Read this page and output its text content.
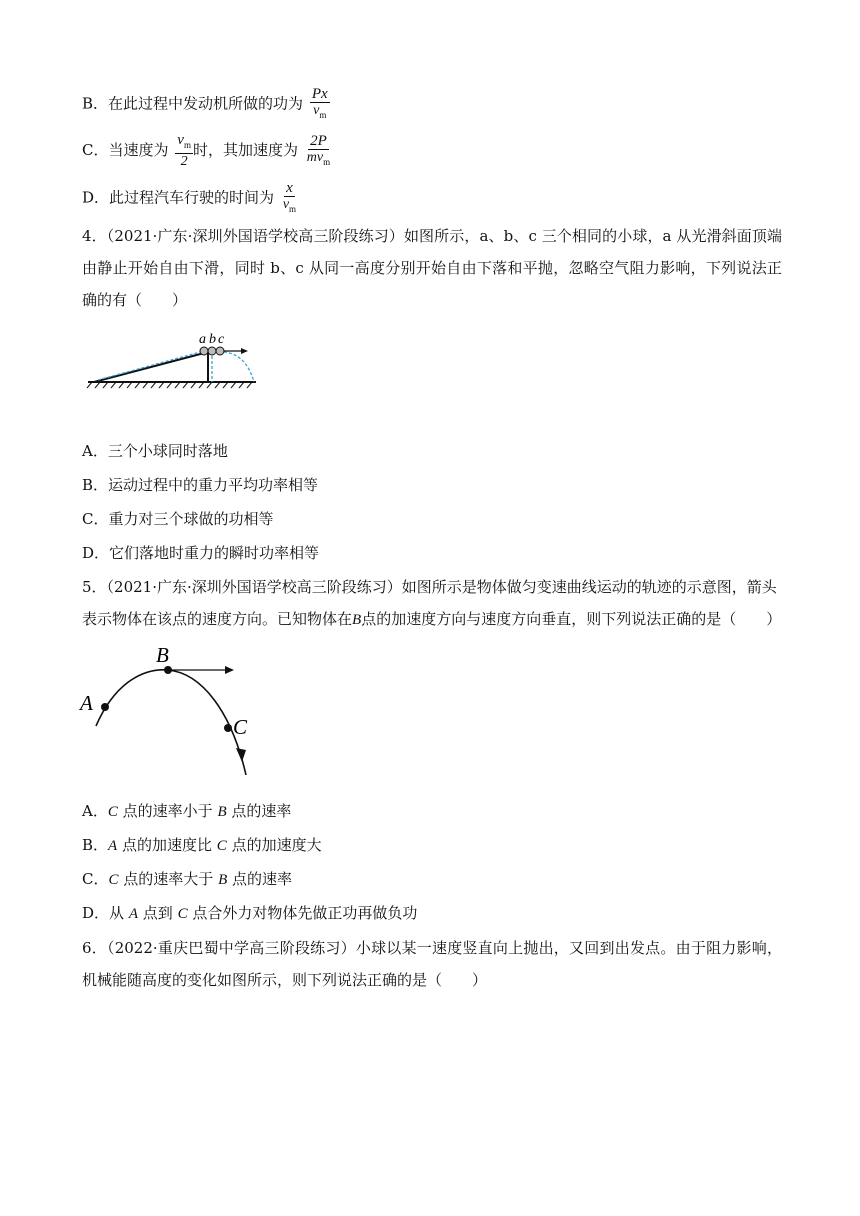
B．在此过程中发动机所做的功为 $\frac{Px}{v_m}$
C．当速度为 $\frac{v_m}{2}$ 时，其加速度为 $\frac{2P}{mv_m}$
D．此过程汽车行驶的时间为 $\frac{x}{v_m}$
4．（2021·广东·深圳外国语学校高三阶段练习）如图所示，a、b、c 三个相同的小球，a 从光滑斜面顶端由静止开始自由下滑，同时 b、c 从同一高度分别开始自由下落和平抛，忽略空气阻力影响，下列说法正确的有（　　）
a b c
A．三个小球同时落地
B．运动过程中的重力平均功率相等
C．重力对三个球做的功相等
D．它们落地时重力的瞬时功率相等
5．（2021·广东·深圳外国语学校高三阶段练习）如图所示是物体做匀变速曲线运动的轨迹的示意图，箭头
表示物体在该点的速度方向。已知物体在B点的加速度方向与速度方向垂直，则下列说法正确的是（　　）
A
B
C
A．C 点的速率小于 B 点的速率
B．A 点的加速度比 C 点的加速度大
C．C 点的速率大于 B 点的速率
D．从 A 点到 C 点合外力对物体先做正功再做负功
6．（2022·重庆巴蜀中学高三阶段练习）小球以某一速度竖直向上抛出，又回到出发点。由于阻力影响，机械能随高度的变化如图所示，则下列说法正确的是（　　）
